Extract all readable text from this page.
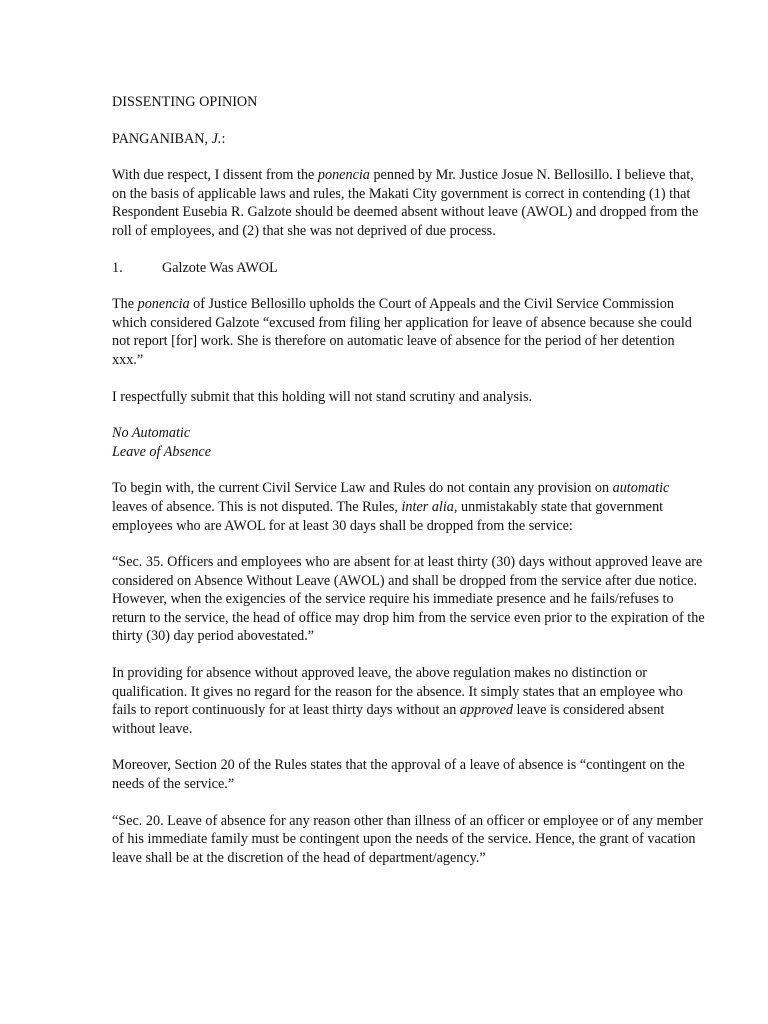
DISSENTING OPINION

PANGANIBAN, J.:

With due respect, I dissent from the ponencia penned by Mr. Justice Josue N. Bellosillo. I believe that, on the basis of applicable laws and rules, the Makati City government is correct in contending (1) that Respondent Eusebia R. Galzote should be deemed absent without leave (AWOL) and dropped from the roll of employees, and (2) that she was not deprived of due process.

1.	Galzote Was AWOL

The ponencia of Justice Bellosillo upholds the Court of Appeals and the Civil Service Commission which considered Galzote “excused from filing her application for leave of absence because she could not report [for] work. She is therefore on automatic leave of absence for the period of her detention xxx.”

I respectfully submit that this holding will not stand scrutiny and analysis.

No Automatic
Leave of Absence

To begin with, the current Civil Service Law and Rules do not contain any provision on automatic leaves of absence. This is not disputed. The Rules, inter alia, unmistakably state that government employees who are AWOL for at least 30 days shall be dropped from the service:

“Sec. 35. Officers and employees who are absent for at least thirty (30) days without approved leave are considered on Absence Without Leave (AWOL) and shall be dropped from the service after due notice. However, when the exigencies of the service require his immediate presence and he fails/refuses to return to the service, the head of office may drop him from the service even prior to the expiration of the thirty (30) day period abovestated.”

In providing for absence without approved leave, the above regulation makes no distinction or qualification. It gives no regard for the reason for the absence. It simply states that an employee who fails to report continuously for at least thirty days without an approved leave is considered absent without leave.

Moreover, Section 20 of the Rules states that the approval of a leave of absence is “contingent on the needs of the service.”

“Sec. 20. Leave of absence for any reason other than illness of an officer or employee or of any member of his immediate family must be contingent upon the needs of the service. Hence, the grant of vacation leave shall be at the discretion of the head of department/agency.”
